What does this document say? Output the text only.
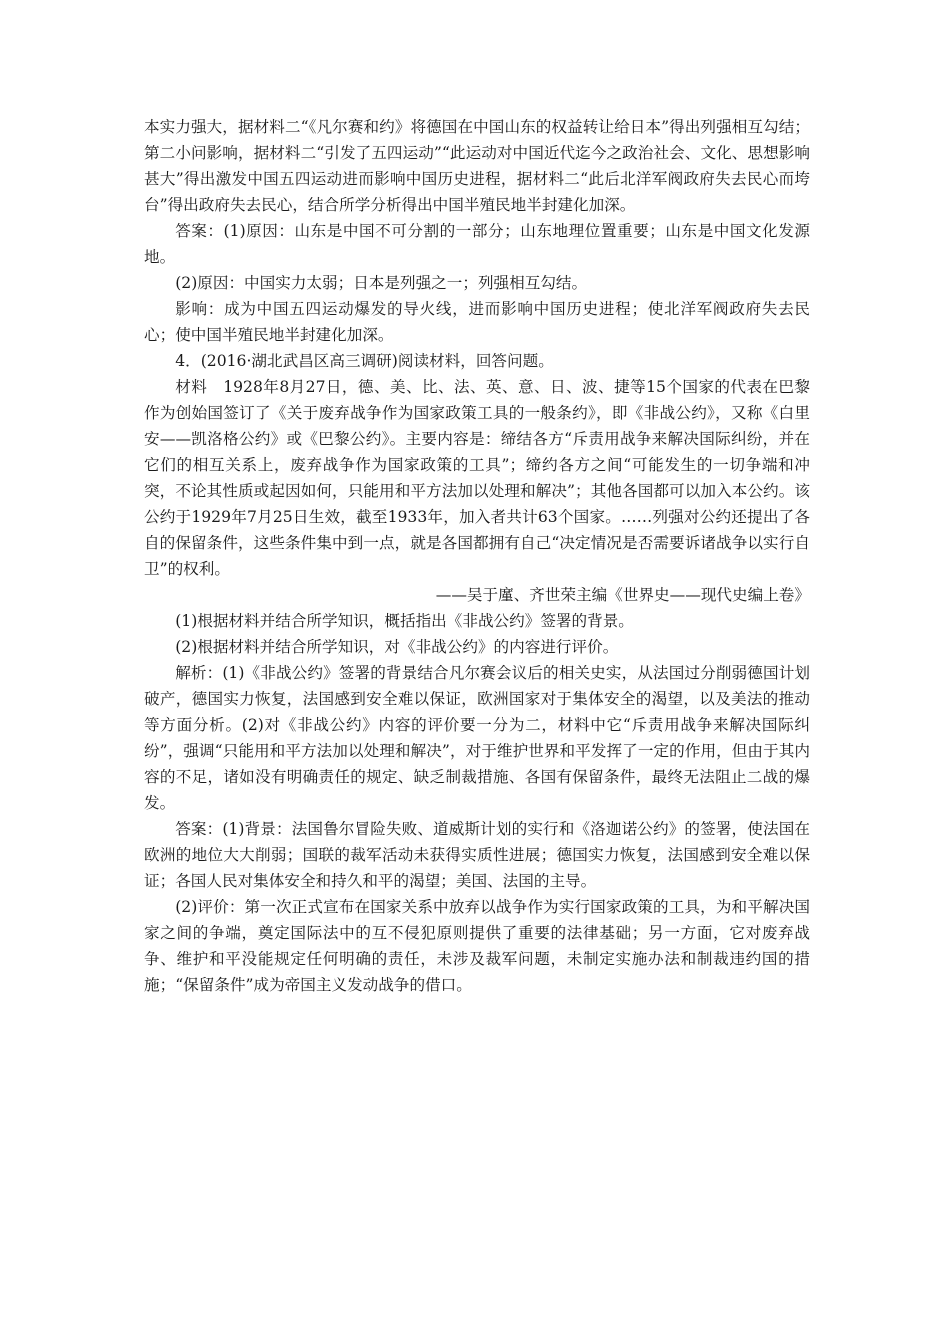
本实力强大，据材料二“《凡尔赛和约》将德国在中国山东的权益转让给日本”得出列强相互勾结；第二小问影响，据材料二“引发了五四运动”“此运动对中国近代迄今之政治社会、文化、思想影响甚大”得出激发中国五四运动进而影响中国历史进程，据材料二“此后北洋军阀政府失去民心而垮台”得出政府失去民心，结合所学分析得出中国半殖民地半封建化加深。

答案：(1)原因：山东是中国不可分割的一部分；山东地理位置重要；山东是中国文化发源地。

(2)原因：中国实力太弱；日本是列强之一；列强相互勾结。

影响：成为中国五四运动爆发的导火线，进而影响中国历史进程；使北洋军阀政府失去民心；使中国半殖民地半封建化加深。

4．(2016·湖北武昌区高三调研)阅读材料，回答问题。

材料　1928年8月27日，德、美、比、法、英、意、日、波、捷等15个国家的代表在巴黎作为创始国签订了《关于废弃战争作为国家政策工具的一般条约》，即《非战公约》，又称《白里安——凯洛格公约》或《巴黎公约》。主要内容是：缔结各方“斥责用战争来解决国际纠纷，并在它们的相互关系上，废弃战争作为国家政策的工具”；缔约各方之间“可能发生的一切争端和冲突，不论其性质或起因如何，只能用和平方法加以处理和解决”；其他各国都可以加入本公约。该公约于1929年7月25日生效，截至1933年，加入者共计63个国家。……列强对公约还提出了各自的保留条件，这些条件集中到一点，就是各国都拥有自己“决定情况是否需要诉诸战争以实行自卫”的权利。

——吴于廑、齐世荣主编《世界史——现代史编上卷》

(1)根据材料并结合所学知识，概括指出《非战公约》签署的背景。

(2)根据材料并结合所学知识，对《非战公约》的内容进行评价。

解析：(1)《非战公约》签署的背景结合凡尔赛会议后的相关史实，从法国过分削弱德国计划破产，德国实力恢复，法国感到安全难以保证，欧洲国家对于集体安全的渴望，以及美法的推动等方面分析。(2)对《非战公约》内容的评价要一分为二，材料中它“斥责用战争来解决国际纠纷”，强调“只能用和平方法加以处理和解决”，对于维护世界和平发挥了一定的作用，但由于其内容的不足，诸如没有明确责任的规定、缺乏制裁措施、各国有保留条件，最终无法阻止二战的爆发。

答案：(1)背景：法国鲁尔冒险失败、道威斯计划的实行和《洛迦诺公约》的签署，使法国在欧洲的地位大大削弱；国联的裁军活动未获得实质性进展；德国实力恢复，法国感到安全难以保证；各国人民对集体安全和持久和平的渴望；美国、法国的主导。

(2)评价：第一次正式宣布在国家关系中放弃以战争作为实行国家政策的工具，为和平解决国家之间的争端，奠定国际法中的互不侵犯原则提供了重要的法律基础；另一方面，它对废弃战争、维护和平没能规定任何明确的责任，未涉及裁军问题，未制定实施办法和制裁违约国的措施；“保留条件”成为帝国主义发动战争的借口。
